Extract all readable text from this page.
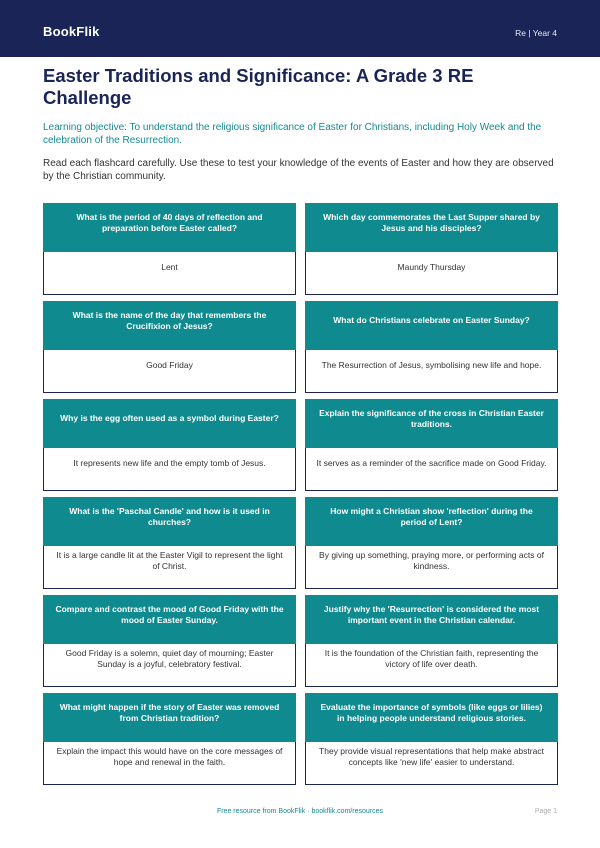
BookFlik	Re | Year 4
Easter Traditions and Significance: A Grade 3 RE Challenge
Learning objective: To understand the religious significance of Easter for Christians, including Holy Week and the celebration of the Resurrection.
Read each flashcard carefully. Use these to test your knowledge of the events of Easter and how they are observed by the Christian community.
What is the period of 40 days of reflection and preparation before Easter called?
Lent
Which day commemorates the Last Supper shared by Jesus and his disciples?
Maundy Thursday
What is the name of the day that remembers the Crucifixion of Jesus?
Good Friday
What do Christians celebrate on Easter Sunday?
The Resurrection of Jesus, symbolising new life and hope.
Why is the egg often used as a symbol during Easter?
It represents new life and the empty tomb of Jesus.
Explain the significance of the cross in Christian Easter traditions.
It serves as a reminder of the sacrifice made on Good Friday.
What is the 'Paschal Candle' and how is it used in churches?
It is a large candle lit at the Easter Vigil to represent the light of Christ.
How might a Christian show 'reflection' during the period of Lent?
By giving up something, praying more, or performing acts of kindness.
Compare and contrast the mood of Good Friday with the mood of Easter Sunday.
Good Friday is a solemn, quiet day of mourning; Easter Sunday is a joyful, celebratory festival.
Justify why the 'Resurrection' is considered the most important event in the Christian calendar.
It is the foundation of the Christian faith, representing the victory of life over death.
What might happen if the story of Easter was removed from Christian tradition?
Explain the impact this would have on the core messages of hope and renewal in the faith.
Evaluate the importance of symbols (like eggs or lilies) in helping people understand religious stories.
They provide visual representations that help make abstract concepts like 'new life' easier to understand.
Free resource from BookFlik · bookflik.com/resources	Page 1
